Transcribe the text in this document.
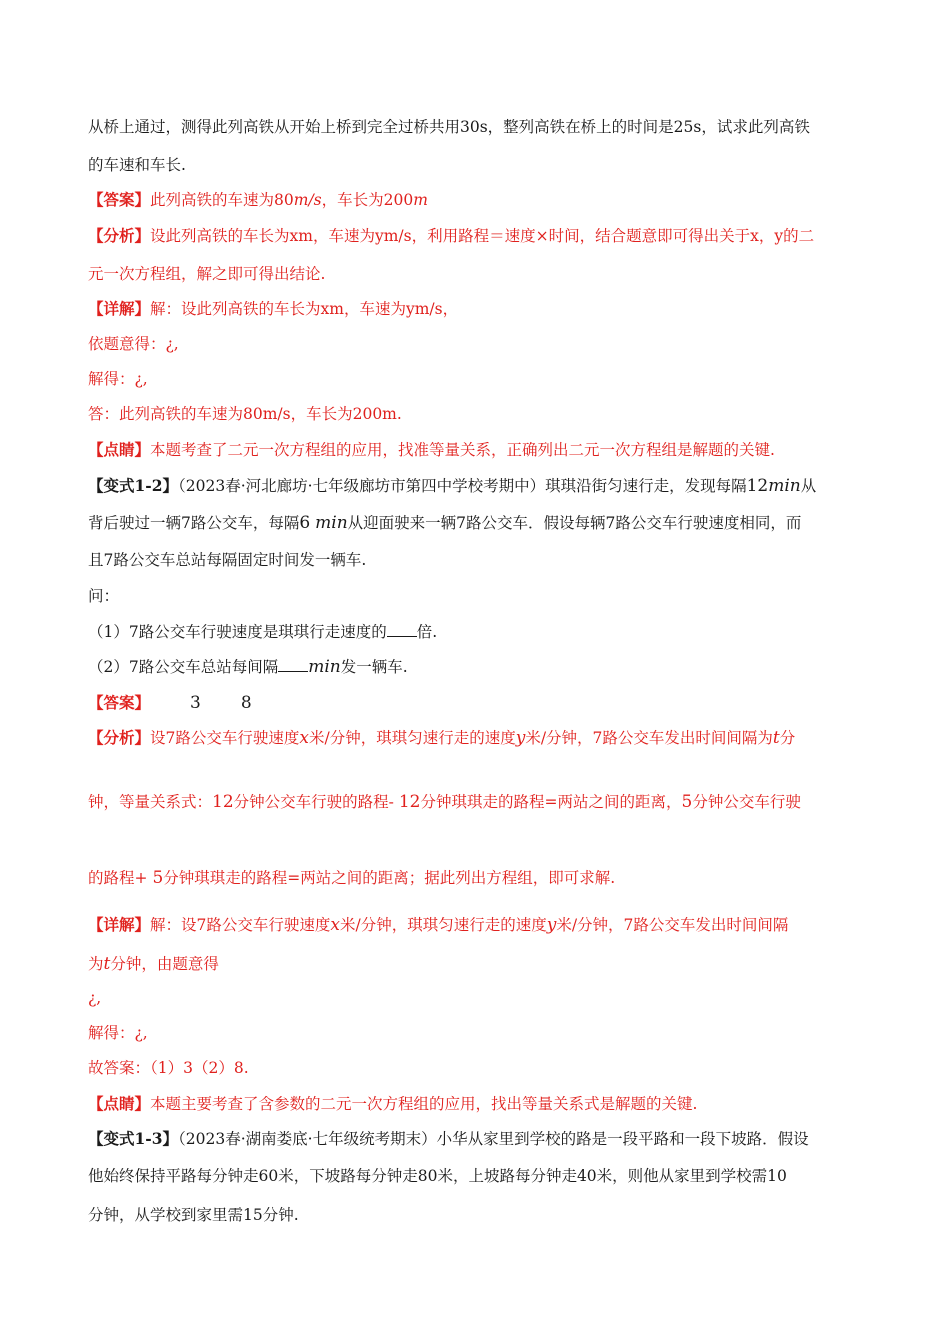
从桥上通过，测得此列高铁从开始上桥到完全过桥共用30s，整列高铁在桥上的时间是25s，试求此列高铁
的车速和车长.
【答案】此列高铁的车速为80m/s，车长为200m
【分析】设此列高铁的车长为xm，车速为ym/s，利用路程＝速度×时间，结合题意即可得出关于x，y的二
元一次方程组，解之即可得出结论.
【详解】解：设此列高铁的车长为xm，车速为ym/s，
依题意得：¿,
解得：¿,
答：此列高铁的车速为80m/s，车长为200m.
【点睛】本题考查了二元一次方程组的应用，找准等量关系，正确列出二元一次方程组是解题的关键.
【变式1-2】（2023春·河北廊坊·七年级廊坊市第四中学校考期中）琪琪沿街匀速行走，发现每隔12min从
背后驶过一辆7路公交车，每隔6 min从迎面驶来一辆7路公交车．假设每辆7路公交车行驶速度相同，而
且7路公交车总站每隔固定时间发一辆车.
问：
（1）7路公交车行驶速度是琪琪行走速度的 倍.
（2）7路公交车总站每间隔 min发一辆车.
【答案】 3 8
【分析】设7路公交车行驶速度x米/分钟，琪琪匀速行走的速度y米/分钟，7路公交车发出时间间隔为t分
钟，等量关系式：12分钟公交车行驶的路程- 12分钟琪琪走的路程=两站之间的距离，5分钟公交车行驶
的路程+ 5分钟琪琪走的路程=两站之间的距离；据此列出方程组，即可求解.
【详解】解：设7路公交车行驶速度x米/分钟，琪琪匀速行走的速度y米/分钟，7路公交车发出时间间隔
为t分钟，由题意得
¿,
解得：¿,
故答案：（1）3（2）8.
【点睛】本题主要考查了含参数的二元一次方程组的应用，找出等量关系式是解题的关键.
【变式1-3】（2023春·湖南娄底·七年级统考期末）小华从家里到学校的路是一段平路和一段下坡路．假设
他始终保持平路每分钟走60米，下坡路每分钟走80米，上坡路每分钟走40米，则他从家里到学校需10
分钟，从学校到家里需15分钟.
